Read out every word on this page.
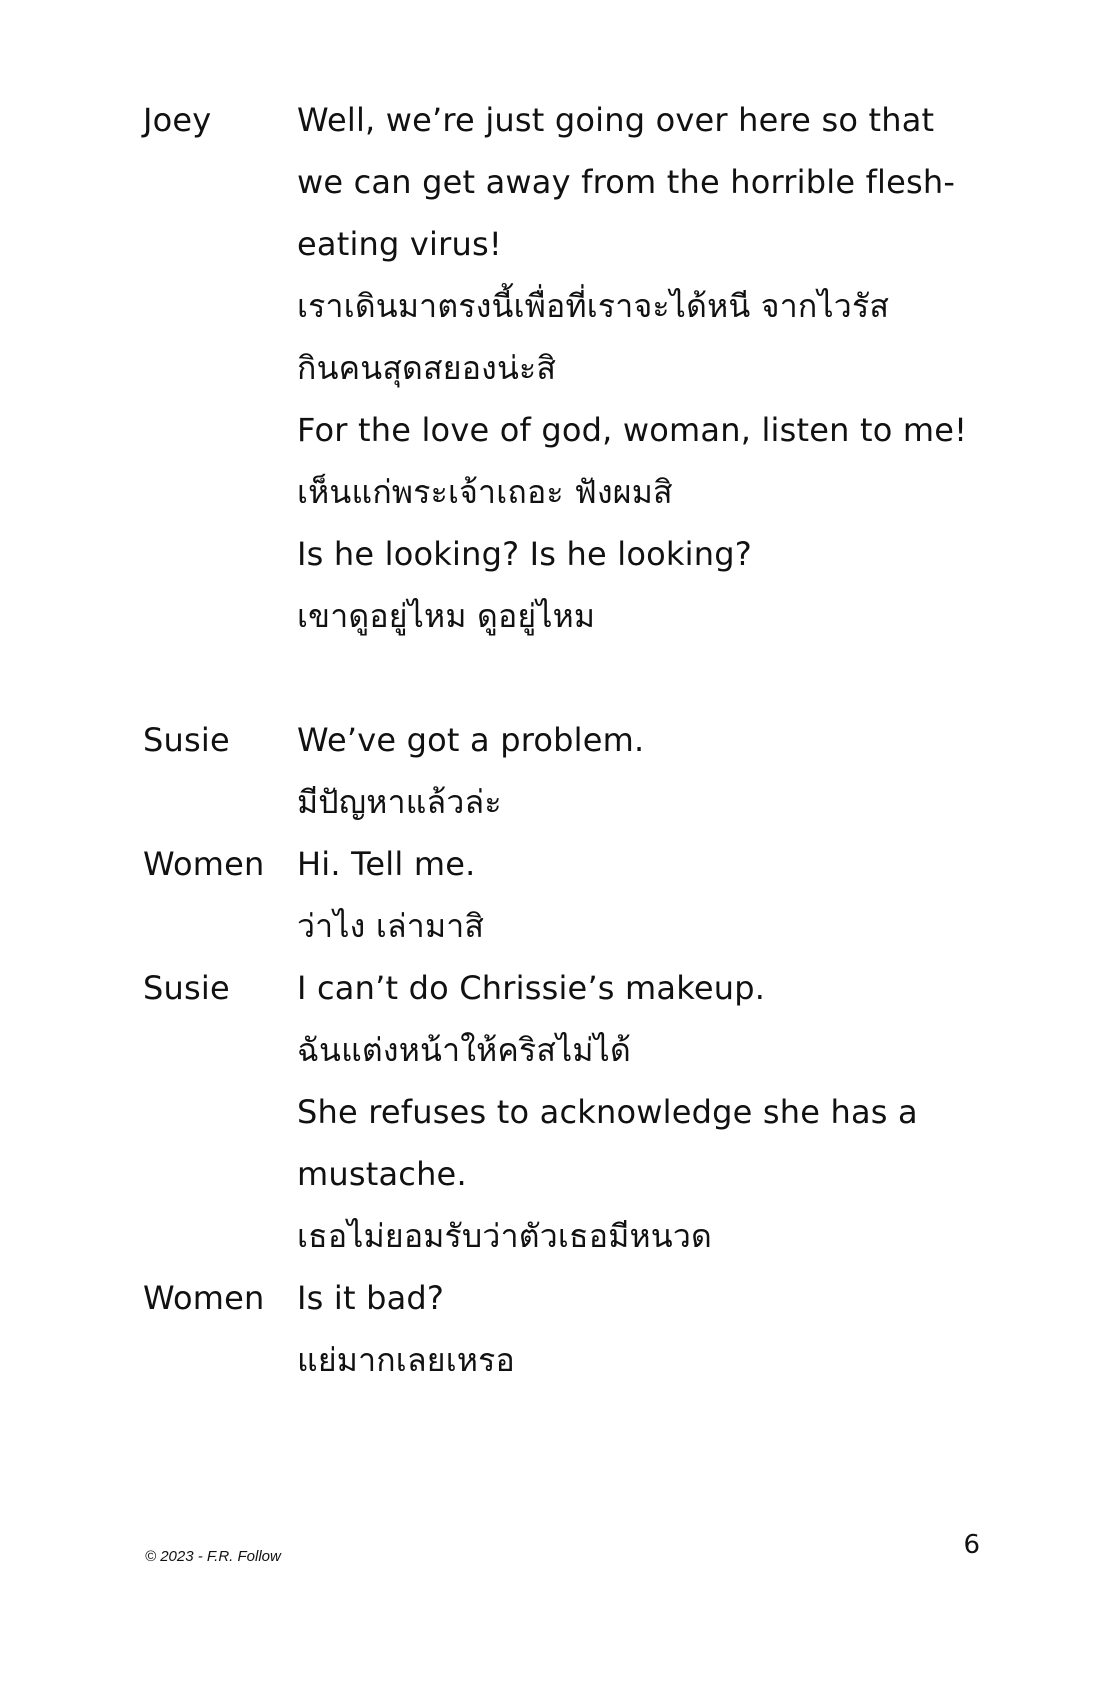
Joey	Well, we’re just going over here so that
we can get away from the horrible flesh-
eating virus!
เราเดินมาตรงนี้เพื่อที่เราจะได้หนี จากไวรัส
กินคนสุดสยองน่ะสิ
For the love of god, woman, listen to me!
เห็นแก่พระเจ้าเถอะ ฟังผมสิ
Is he looking? Is he looking?
เขาดูอยู่ไหม ดูอยู่ไหม
Susie	We’ve got a problem.
มีปัญหาแล้วล่ะ
Women	Hi. Tell me.
ว่าไง เล่ามาสิ
Susie	I can’t do Chrissie’s makeup.
ฉันแต่งหน้าให้คริสไม่ได้
She refuses to acknowledge she has a
mustache.
เธอไม่ยอมรับว่าตัวเธอมีหนวด
Women	Is it bad?
แย่มากเลยเหรอ
© 2023 - F.R. Follow	6
